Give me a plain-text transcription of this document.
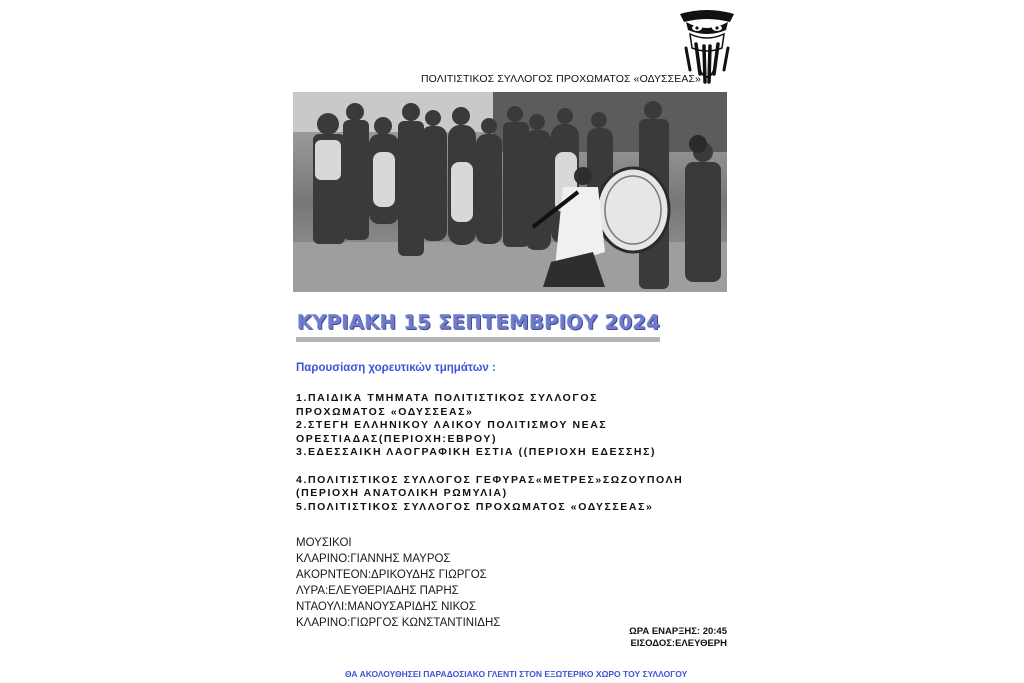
ΠΟΛΙΤΙΣΤΙΚΟΣ ΣΥΛΛΟΓΟΣ ΠΡΟΧΩΜΑΤΟΣ «ΟΔΥΣΣΕΑΣ»
ΚΥΡΙΑΚΗ 15 ΣΕΠΤΕΜΒΡΙΟΥ 2024
Παρουσίαση χορευτικών τμημάτων :
1.ΠΑΙΔΙΚΑ ΤΜΗΜΑΤΑ ΠΟΛΙΤΙΣΤΙΚΟΣ ΣΥΛΛΟΓΟΣ
ΠΡΟΧΩΜΑΤΟΣ «ΟΔΥΣΣΕΑΣ»
2.ΣΤΕΓΗ ΕΛΛΗΝΙΚΟΥ ΛΑΙΚΟΥ ΠΟΛΙΤΙΣΜΟΥ ΝΕΑΣ
ΟΡΕΣΤΙΑΔΑΣ(ΠΕΡΙΟΧΗ:ΕΒΡΟΥ)
3.ΕΔΕΣΣΑΙΚΗ ΛΑΟΓΡΑΦΙΚΗ ΕΣΤΙΑ ((ΠΕΡΙΟΧΗ ΕΔΕΣΣΗΣ)
4.ΠΟΛΙΤΙΣΤΙΚΟΣ ΣΥΛΛΟΓΟΣ ΓΕΦΥΡΑΣ«ΜΕΤΡΕΣ»ΣΩΖΟΥΠΟΛΗ
(ΠΕΡΙΟΧΗ ΑΝΑΤΟΛΙΚΗ ΡΩΜΥΛΙΑ)
5.ΠΟΛΙΤΙΣΤΙΚΟΣ ΣΥΛΛΟΓΟΣ ΠΡΟΧΩΜΑΤΟΣ «ΟΔΥΣΣΕΑΣ»
ΜΟΥΣΙΚΟΙ
ΚΛΑΡΙΝΟ:ΓΙΑΝΝΗΣ ΜΑΥΡΟΣ
ΑΚΟΡΝΤΕΟΝ:ΔΡΙΚΟΥΔΗΣ ΓΙΩΡΓΟΣ
ΛΥΡΑ:ΕΛΕΥΘΕΡΙΑΔΗΣ ΠΑΡΗΣ
ΝΤΑΟΥΛΙ:ΜΑΝΟΥΣΑΡΙΔΗΣ ΝΙΚΟΣ
ΚΛΑΡΙΝΟ:ΓΙΩΡΓΟΣ ΚΩΝΣΤΑΝΤΙΝΙΔΗΣ
ΩΡΑ ΕΝΑΡΞΗΣ: 20:45
ΕΙΣΟΔΟΣ:ΕΛΕΥΘΕΡΗ
ΘΑ ΑΚΟΛΟΥΘΗΣΕΙ ΠΑΡΑΔΟΣΙΑΚΟ ΓΛΕΝΤΙ ΣΤΟΝ ΕΞΩΤΕΡΙΚΟ ΧΩΡΟ ΤΟΥ ΣΥΛΛΟΓΟΥ
